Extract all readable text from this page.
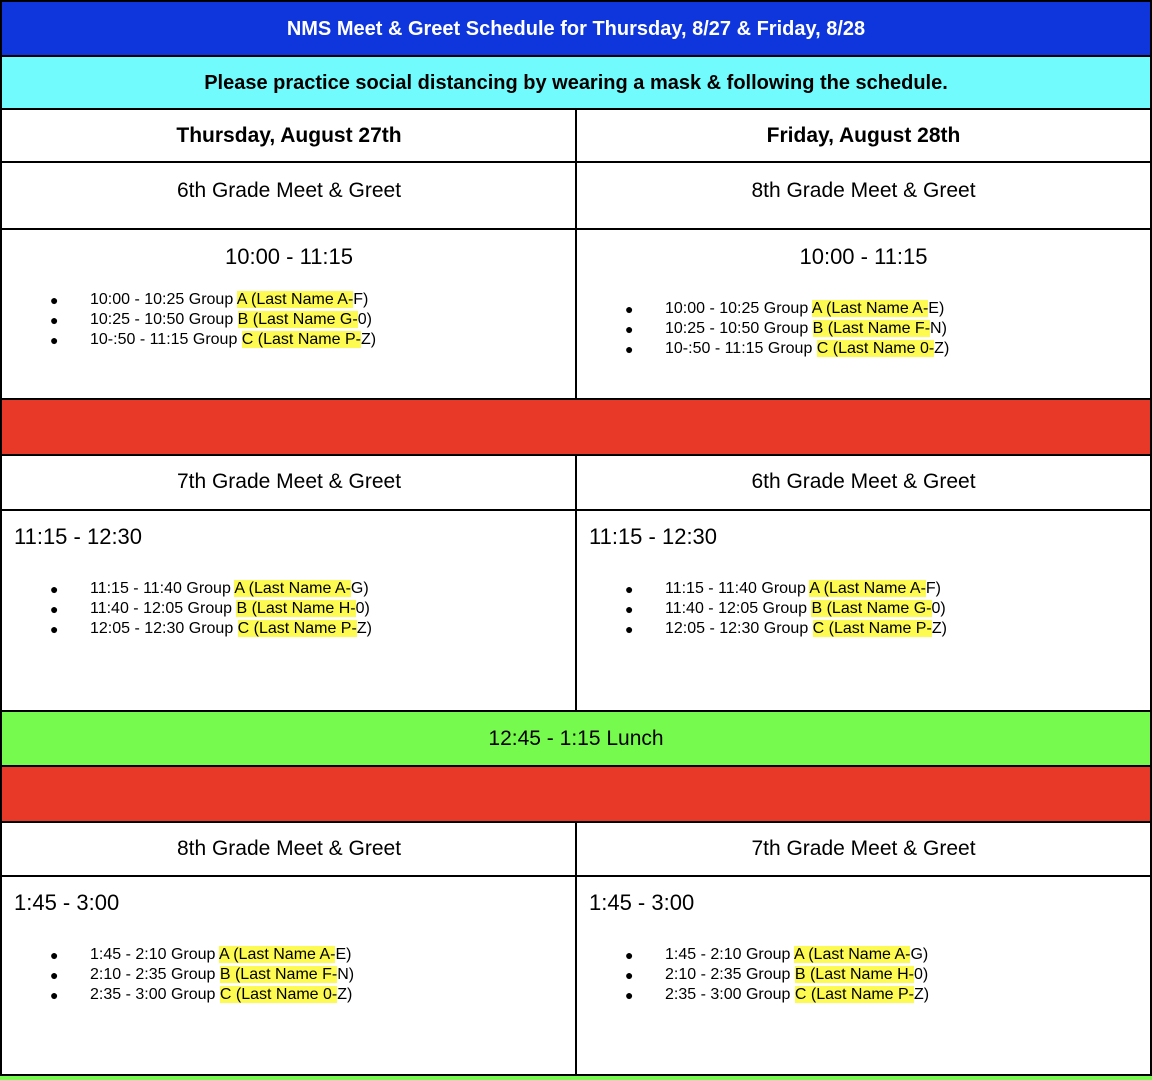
NMS Meet & Greet Schedule for Thursday, 8/27 & Friday, 8/28
Please practice social distancing by wearing a mask & following the schedule.
Thursday, August 27th	Friday, August 28th
6th Grade Meet & Greet	8th Grade Meet & Greet
10:00 - 11:15
● 10:00 - 10:25 Group A (Last Name A-F)
● 10:25 - 10:50 Group B (Last Name G-0)
● 10-:50 - 11:15 Group C (Last Name P-Z)
10:00 - 11:15
● 10:00 - 10:25 Group A (Last Name A-E)
● 10:25 - 10:50 Group B (Last Name F-N)
● 10-:50 - 11:15 Group C (Last Name 0-Z)
7th Grade Meet & Greet	6th Grade Meet & Greet
11:15 - 12:30
● 11:15 - 11:40 Group A (Last Name A-G)
● 11:40 - 12:05 Group B (Last Name H-0)
● 12:05 - 12:30 Group C (Last Name P-Z)
11:15 - 12:30
● 11:15 - 11:40 Group A (Last Name A-F)
● 11:40 - 12:05 Group B (Last Name G-0)
● 12:05 - 12:30 Group C (Last Name P-Z)
12:45 - 1:15 Lunch
8th Grade Meet & Greet	7th Grade Meet & Greet
1:45 - 3:00
● 1:45 - 2:10 Group A (Last Name A-E)
● 2:10 - 2:35 Group B (Last Name F-N)
● 2:35 - 3:00 Group C (Last Name 0-Z)
1:45 - 3:00
● 1:45 - 2:10 Group A (Last Name A-G)
● 2:10 - 2:35 Group B (Last Name H-0)
● 2:35 - 3:00 Group C (Last Name P-Z)
